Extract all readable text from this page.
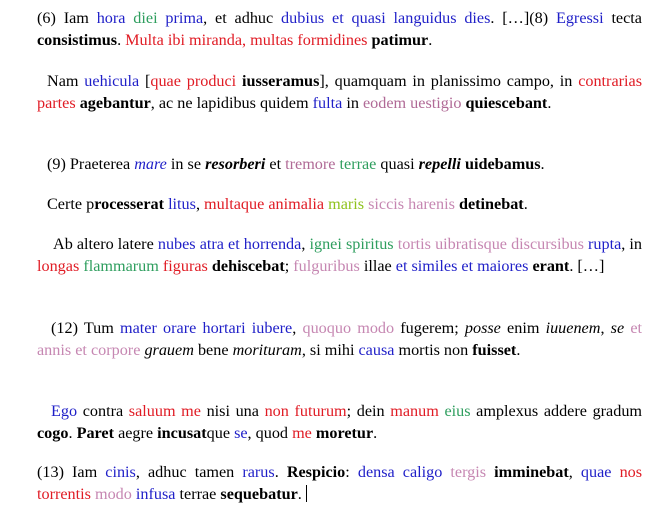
(6) Iam hora diei prima, et adhuc dubius et quasi languidus dies. […](8) Egressi tecta consistimus. Multa ibi miranda, multas formidines patimur.

Nam uehicula [quae produci iusseramus], quamquam in planissimo campo, in contrarias partes agebantur, ac ne lapidibus quidem fulta in eodem uestigio quiescebant.

(9) Praeterea mare in se resorberi et tremore terrae quasi repelli uidebamus.

Certe processerat litus, multaque animalia maris siccis harenis detinebat.

Ab altero latere nubes atra et horrenda, ignei spiritus tortis uibratisque discursibus rupta, in longas flammarum figuras dehiscebat; fulguribus illae et similes et maiores erant. […]

(12) Tum mater orare hortari iubere, quoquo modo fugerem; posse enim iuuenem, se et annis et corpore grauem bene morituram, si mihi causa mortis non fuisset.

Ego contra saluum me nisi una non futurum; dein manum eius amplexus addere gradum cogo. Paret aegre incusatque se, quod me moretur.

(13) Iam cinis, adhuc tamen rarus. Respicio: densa caligo tergis imminebat, quae nos torrentis modo infusa terrae sequebatur.
